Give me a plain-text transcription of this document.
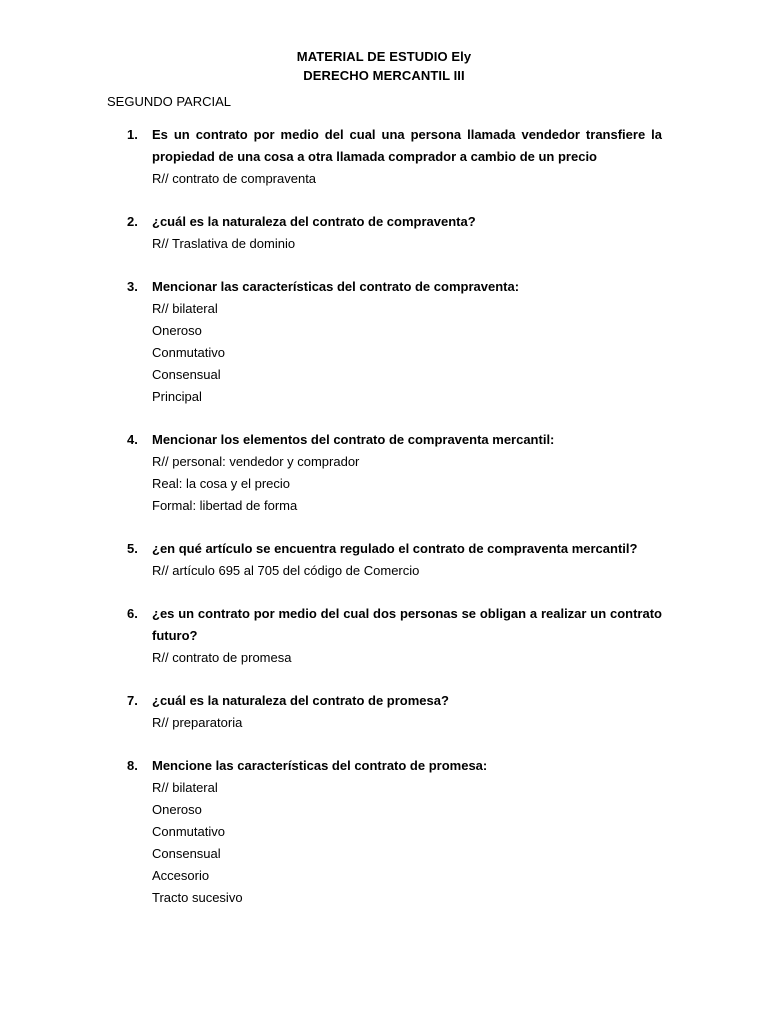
MATERIAL DE ESTUDIO Ely
DERECHO MERCANTIL III
SEGUNDO PARCIAL
1. Es un contrato por medio del cual una persona llamada vendedor transfiere la propiedad de una cosa a otra llamada comprador a cambio de un precio
R// contrato de compraventa
2. ¿cuál es la naturaleza del contrato de compraventa?
R// Traslativa de dominio
3. Mencionar las características del contrato de compraventa:
R// bilateral
Oneroso
Conmutativo
Consensual
Principal
4. Mencionar los elementos del contrato de compraventa mercantil:
R// personal: vendedor y comprador
Real: la cosa y el precio
Formal: libertad de forma
5. ¿en qué artículo se encuentra regulado el contrato de compraventa mercantil?
R// artículo 695 al 705 del código de Comercio
6. ¿es un contrato por medio del cual dos personas se obligan a realizar un contrato futuro?
R// contrato de promesa
7. ¿cuál es la naturaleza del contrato de promesa?
R// preparatoria
8. Mencione las características del contrato de promesa:
R// bilateral
Oneroso
Conmutativo
Consensual
Accesorio
Tracto sucesivo
